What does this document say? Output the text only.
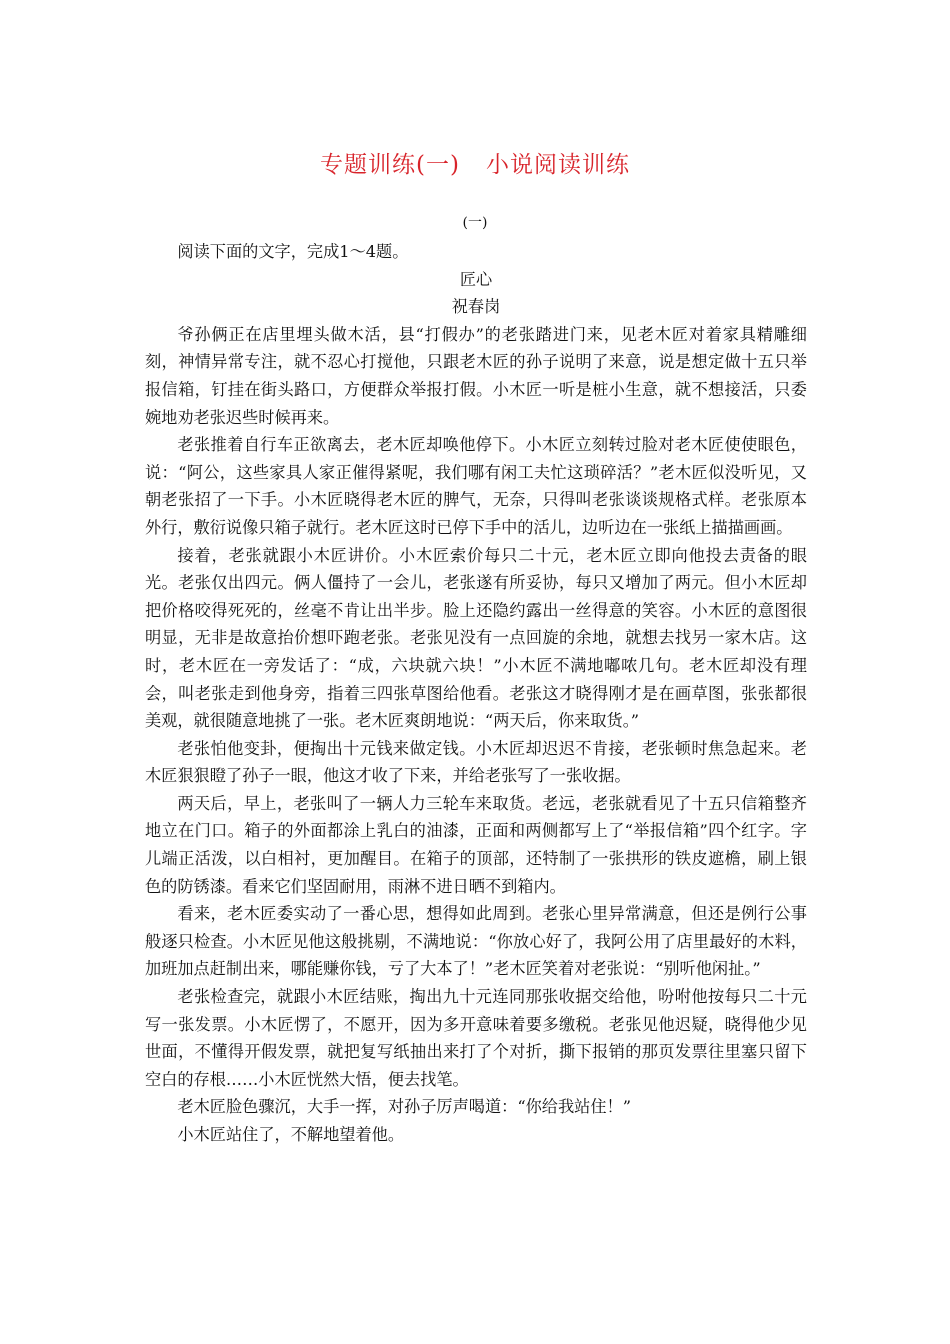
专题训练(一) 小说阅读训练
(一)

阅读下面的文字，完成1～4题。

匠心

祝春岗

爷孙俩正在店里埋头做木活，县“打假办”的老张踏进门来，见老木匠对着家具精雕细刻，神情异常专注，就不忍心打搅他，只跟老木匠的孙子说明了来意，说是想定做十五只举报信箱，钉挂在街头路口，方便群众举报打假。小木匠一听是桩小生意，就不想接活，只委婉地劝老张迟些时候再来。

老张推着自行车正欲离去，老木匠却唤他停下。小木匠立刻转过脸对老木匠使使眼色，说：“阿公，这些家具人家正催得紧呢，我们哪有闲工夫忙这琐碎活？”老木匠似没听见，又朝老张招了一下手。小木匠晓得老木匠的脾气，无奈，只得叫老张谈谈规格式样。老张原本外行，敷衍说像只箱子就行。老木匠这时已停下手中的活儿，边听边在一张纸上描描画画。

接着，老张就跟小木匠讲价。小木匠索价每只二十元，老木匠立即向他投去责备的眼光。老张仅出四元。俩人僵持了一会儿，老张遂有所妥协，每只又增加了两元。但小木匠却把价格咬得死死的，丝毫不肯让出半步。脸上还隐约露出一丝得意的笑容。小木匠的意图很明显，无非是故意抬价想吓跑老张。老张见没有一点回旋的余地，就想去找另一家木店。这时，老木匠在一旁发话了：“成，六块就六块！”小木匠不满地嘟哝几句。老木匠却没有理会，叫老张走到他身旁，指着三四张草图给他看。老张这才晓得刚才是在画草图，张张都很美观，就很随意地挑了一张。老木匠爽朗地说：“两天后，你来取货。”

老张怕他变卦，便掏出十元钱来做定钱。小木匠却迟迟不肯接，老张顿时焦急起来。老木匠狠狠瞪了孙子一眼，他这才收了下来，并给老张写了一张收据。

两天后，早上，老张叫了一辆人力三轮车来取货。老远，老张就看见了十五只信箱整齐地立在门口。箱子的外面都涂上乳白的油漆，正面和两侧都写上了“举报信箱”四个红字。字儿端正活泼，以白相衬，更加醒目。在箱子的顶部，还特制了一张拱形的铁皮遮檐，刷上银色的防锈漆。看来它们坚固耐用，雨淋不进日晒不到箱内。

看来，老木匠委实动了一番心思，想得如此周到。老张心里异常满意，但还是例行公事般逐只检查。小木匠见他这般挑剔，不满地说：“你放心好了，我阿公用了店里最好的木料，加班加点赶制出来，哪能赚你钱，亏了大本了！”老木匠笑着对老张说：“别听他闲扯。”

老张检查完，就跟小木匠结账，掏出九十元连同那张收据交给他，吩咐他按每只二十元写一张发票。小木匠愣了，不愿开，因为多开意味着要多缴税。老张见他迟疑，晓得他少见世面，不懂得开假发票，就把复写纸抽出来打了个对折，撕下报销的那页发票往里塞只留下空白的存根……小木匠恍然大悟，便去找笔。

老木匠脸色骤沉，大手一挥，对孙子厉声喝道：“你给我站住！”

小木匠站住了，不解地望着他。
